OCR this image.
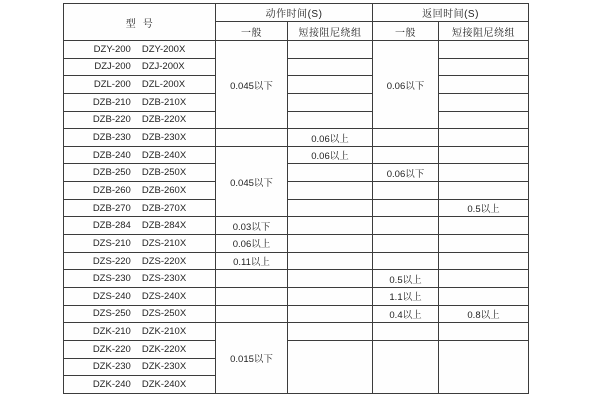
型  号	动作时间(S)		返回时间(S)	
	一般	短接阻尼绕组	一般	短接阻尼绕组
DZY-200 DZY-200X	0.045以下		0.06以下	
DZJ-200 DZJ-200X				
DZL-200 DZL-200X				
DZB-210 DZB-210X				
DZB-220 DZB-220X				
DZB-230 DZB-230X		0.06以上		
DZB-240 DZB-240X	0.045以下	0.06以上		
DZB-250 DZB-250X			0.06以下	
DZB-260 DZB-260X				
DZB-270 DZB-270X				0.5以上
DZB-284 DZB-284X	0.03以下			
DZS-210 DZS-210X	0.06以上			
DZS-220 DZS-220X	0.11以上			
DZS-230 DZS-230X			0.5以上	
DZS-240 DZS-240X			1.1以上	
DZS-250 DZS-250X			0.4以上	0.8以上
DZK-210 DZK-210X	0.015以下			
DZK-220 DZK-220X				
DZK-230 DZK-230X				
DZK-240 DZK-240X				
